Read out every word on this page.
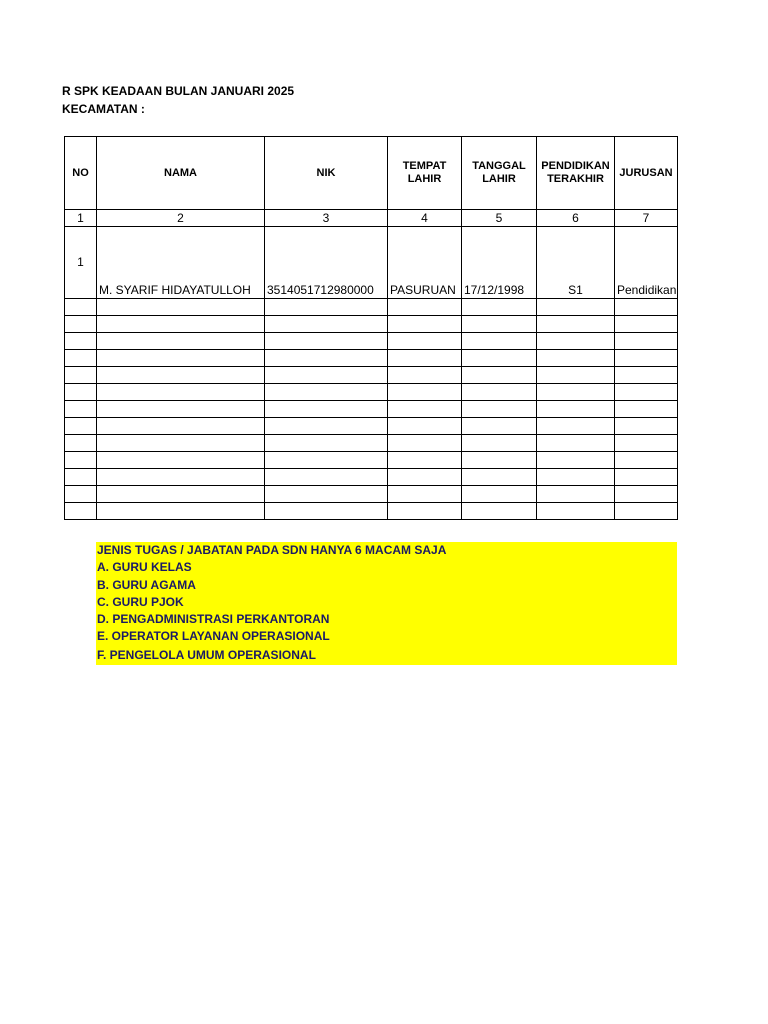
R SPK KEADAAN BULAN JANUARI 2025
KECAMATAN :
NO	NAMA	NIK	TEMPAT LAHIR	TANGGAL LAHIR	PENDIDIKAN TERAKHIR	JURUSAN
1	2	3	4	5	6	7
1	M. SYARIF HIDAYATULLOH	3514051712980000	PASURUAN	17/12/1998	S1	Pendidikan

JENIS TUGAS / JABATAN PADA SDN HANYA 6 MACAM SAJA
A. GURU KELAS
B. GURU AGAMA
C. GURU PJOK
D. PENGADMINISTRASI PERKANTORAN
E. OPERATOR LAYANAN OPERASIONAL
F. PENGELOLA UMUM OPERASIONAL
